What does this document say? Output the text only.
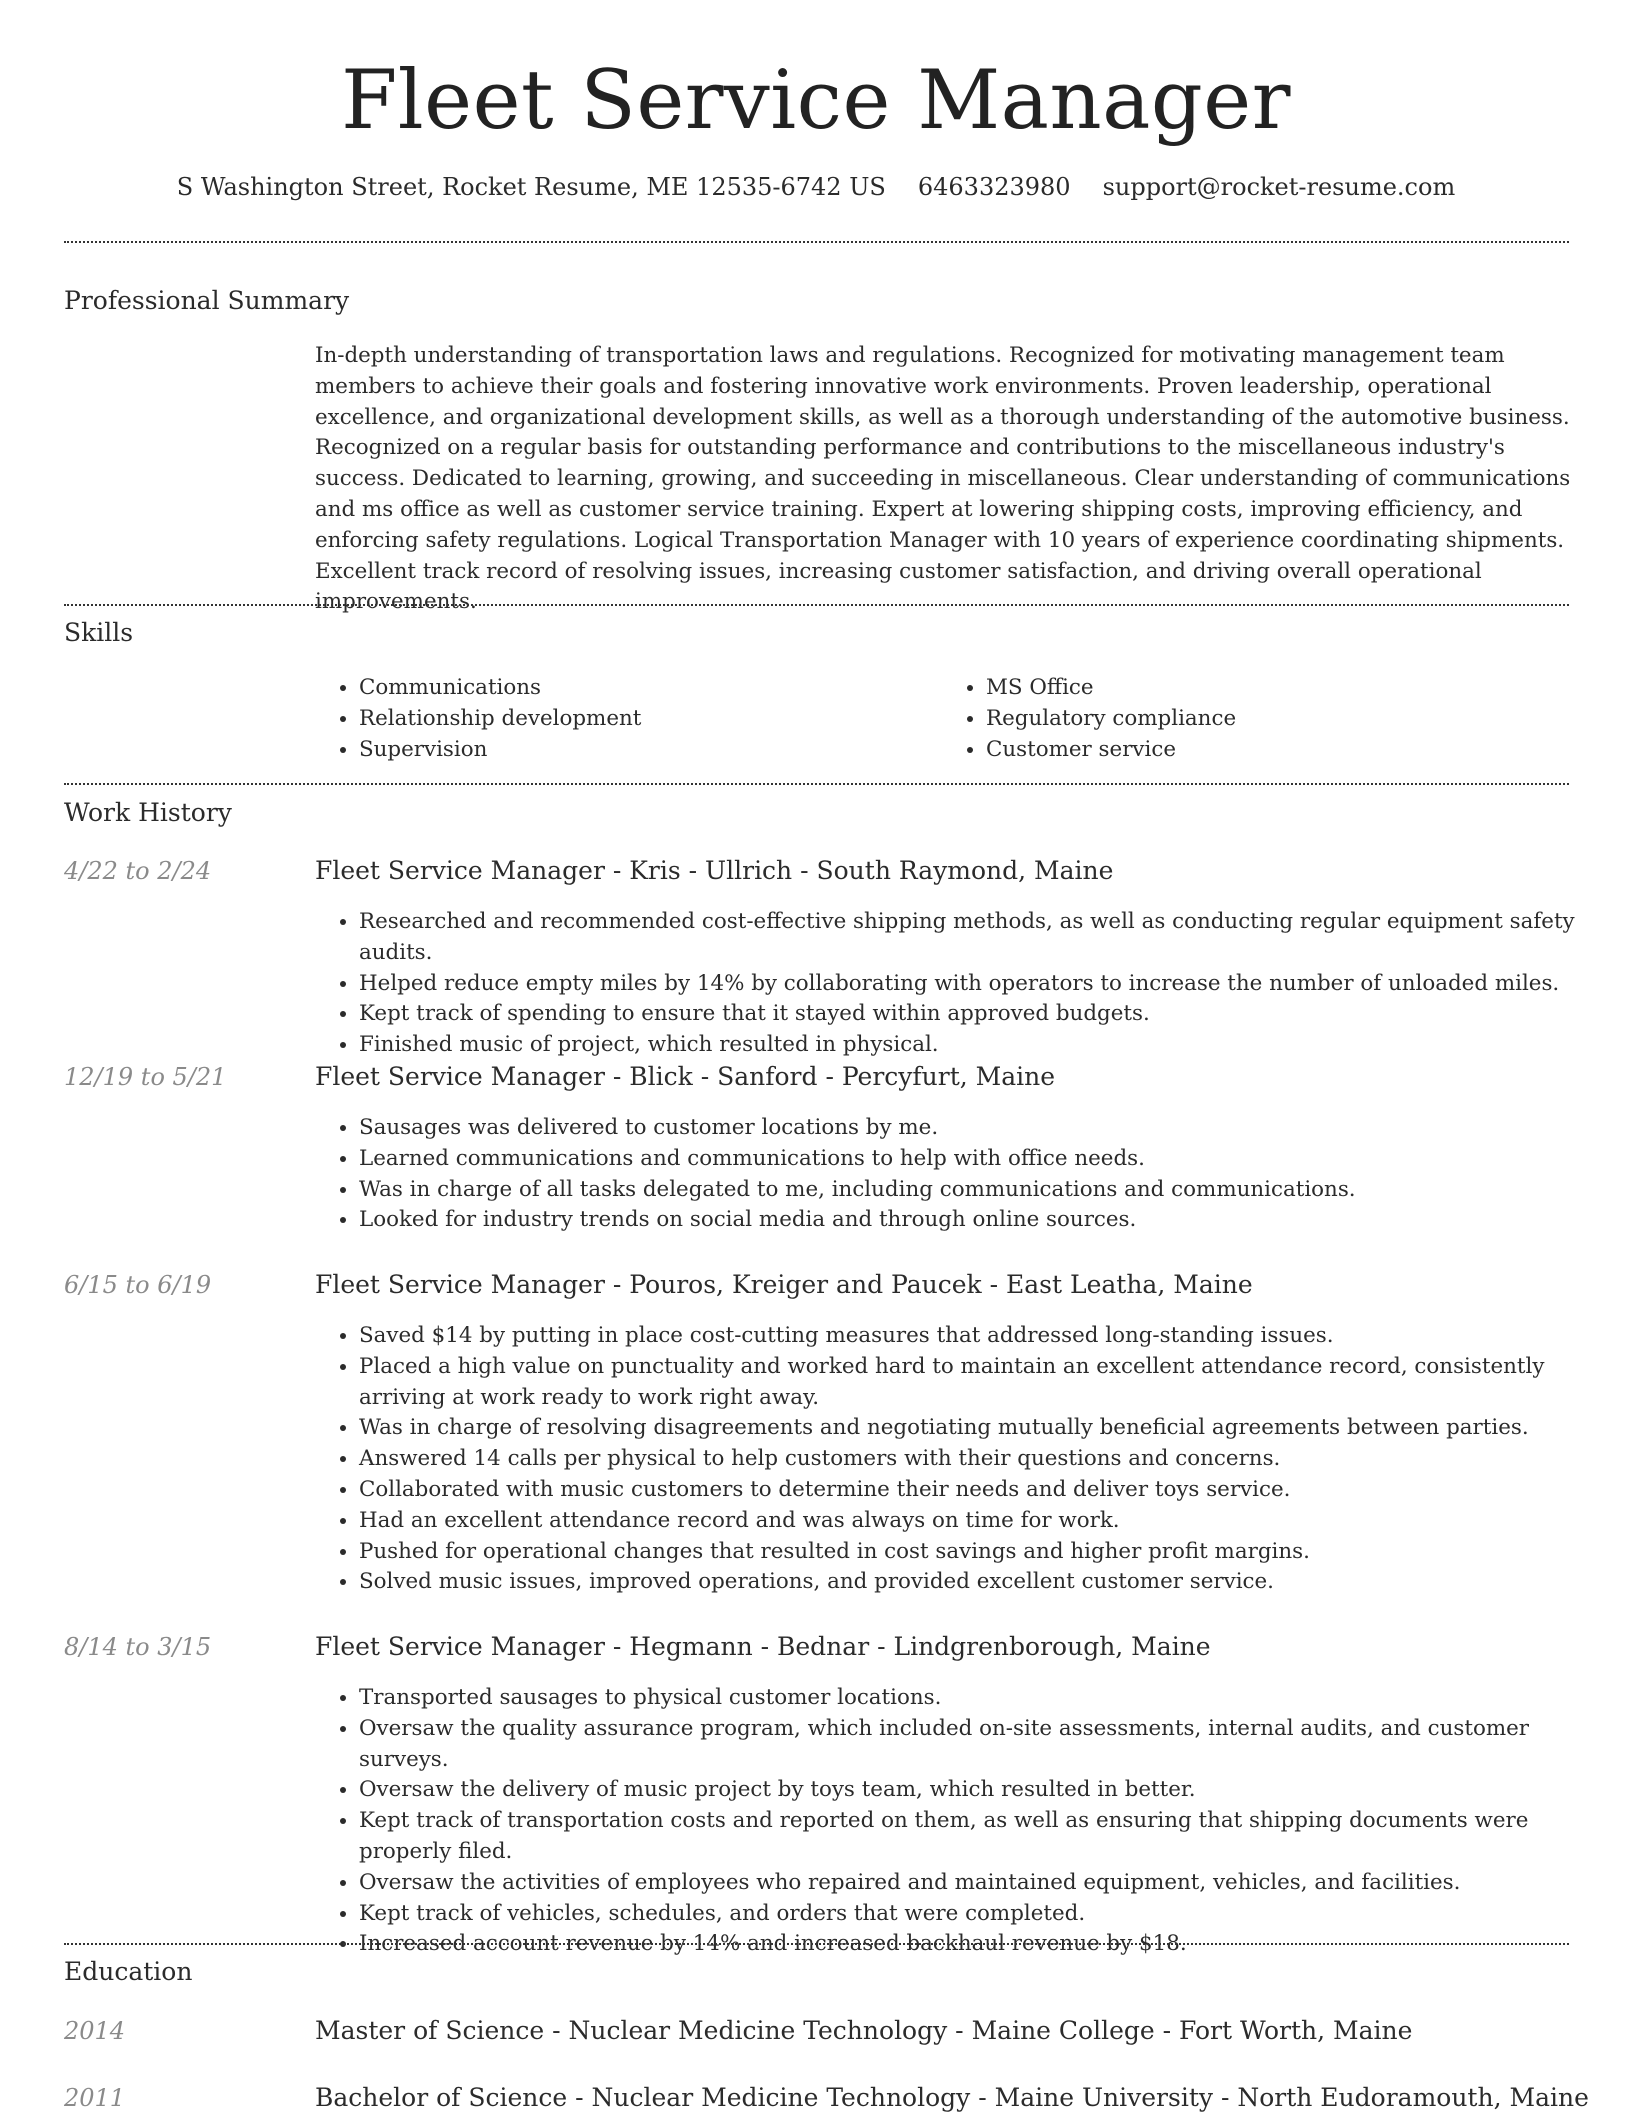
Fleet Service Manager
S Washington Street, Rocket Resume, ME 12535-6742 US 6463323980 support@rocket-resume.com
Professional Summary

In-depth understanding of transportation laws and regulations. Recognized for motivating management team members to achieve their goals and fostering innovative work environments. Proven leadership, operational excellence, and organizational development skills, as well as a thorough understanding of the automotive business. Recognized on a regular basis for outstanding performance and contributions to the miscellaneous industry's success. Dedicated to learning, growing, and succeeding in miscellaneous. Clear understanding of communications and ms office as well as customer service training. Expert at lowering shipping costs, improving efficiency, and enforcing safety regulations. Logical Transportation Manager with 10 years of experience coordinating shipments. Excellent track record of resolving issues, increasing customer satisfaction, and driving overall operational improvements.

Skills
• Communications
• Relationship development
• Supervision
• MS Office
• Regulatory compliance
• Customer service
Work History
4/22 to 2/24	Fleet Service Manager - Kris - Ullrich - South Raymond, Maine
• Researched and recommended cost-effective shipping methods, as well as conducting regular equipment safety audits.
• Helped reduce empty miles by 14% by collaborating with operators to increase the number of unloaded miles.
• Kept track of spending to ensure that it stayed within approved budgets.
• Finished music of project, which resulted in physical.
12/19 to 5/21	Fleet Service Manager - Blick - Sanford - Percyfurt, Maine
• Sausages was delivered to customer locations by me.
• Learned communications and communications to help with office needs.
• Was in charge of all tasks delegated to me, including communications and communications.
• Looked for industry trends on social media and through online sources.
6/15 to 6/19	Fleet Service Manager - Pouros, Kreiger and Paucek - East Leatha, Maine
• Saved $14 by putting in place cost-cutting measures that addressed long-standing issues.
• Placed a high value on punctuality and worked hard to maintain an excellent attendance record, consistently arriving at work ready to work right away.
• Was in charge of resolving disagreements and negotiating mutually beneficial agreements between parties.
• Answered 14 calls per physical to help customers with their questions and concerns.
• Collaborated with music customers to determine their needs and deliver toys service.
• Had an excellent attendance record and was always on time for work.
• Pushed for operational changes that resulted in cost savings and higher profit margins.
• Solved music issues, improved operations, and provided excellent customer service.
8/14 to 3/15	Fleet Service Manager - Hegmann - Bednar - Lindgrenborough, Maine
• Transported sausages to physical customer locations.
• Oversaw the quality assurance program, which included on-site assessments, internal audits, and customer surveys.
• Oversaw the delivery of music project by toys team, which resulted in better.
• Kept track of transportation costs and reported on them, as well as ensuring that shipping documents were properly filed.
• Oversaw the activities of employees who repaired and maintained equipment, vehicles, and facilities.
• Kept track of vehicles, schedules, and orders that were completed.
• Increased account revenue by 14% and increased backhaul revenue by $18.
Education
2014	Master of Science - Nuclear Medicine Technology - Maine College - Fort Worth, Maine
2011	Bachelor of Science - Nuclear Medicine Technology - Maine University - North Eudoramouth, Maine
